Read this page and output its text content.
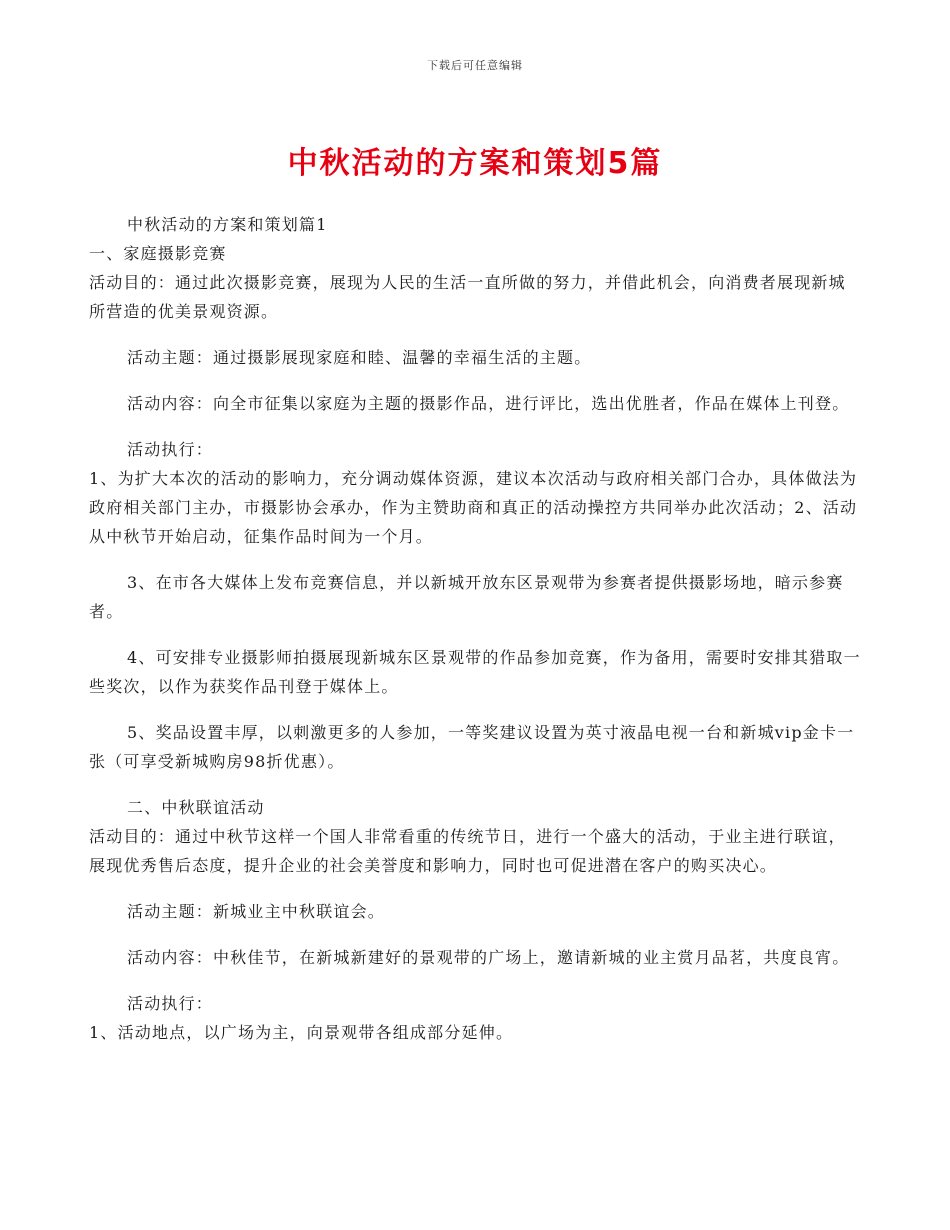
下载后可任意编辑
中秋活动的方案和策划5篇

中秋活动的方案和策划篇1

一、家庭摄影竞赛

活动目的：通过此次摄影竞赛，展现为人民的生活一直所做的努力，并借此机会，向消费者展现新城所营造的优美景观资源。

活动主题：通过摄影展现家庭和睦、温馨的幸福生活的主题。

活动内容：向全市征集以家庭为主题的摄影作品，进行评比，选出优胜者，作品在媒体上刊登。

活动执行：

1、为扩大本次的活动的影响力，充分调动媒体资源，建议本次活动与政府相关部门合办，具体做法为政府相关部门主办，市摄影协会承办，作为主赞助商和真正的活动操控方共同举办此次活动；2、活动从中秋节开始启动，征集作品时间为一个月。

3、在市各大媒体上发布竞赛信息，并以新城开放东区景观带为参赛者提供摄影场地，暗示参赛者。

4、可安排专业摄影师拍摄展现新城东区景观带的作品参加竞赛，作为备用，需要时安排其猎取一些奖次，以作为获奖作品刊登于媒体上。

5、奖品设置丰厚，以刺激更多的人参加，一等奖建议设置为英寸液晶电视一台和新城vip金卡一张（可享受新城购房98折优惠）。

二、中秋联谊活动

活动目的：通过中秋节这样一个国人非常看重的传统节日，进行一个盛大的活动，于业主进行联谊，展现优秀售后态度，提升企业的社会美誉度和影响力，同时也可促进潜在客户的购买决心。

活动主题：新城业主中秋联谊会。

活动内容：中秋佳节，在新城新建好的景观带的广场上，邀请新城的业主赏月品茗，共度良宵。

活动执行：

1、活动地点，以广场为主，向景观带各组成部分延伸。
